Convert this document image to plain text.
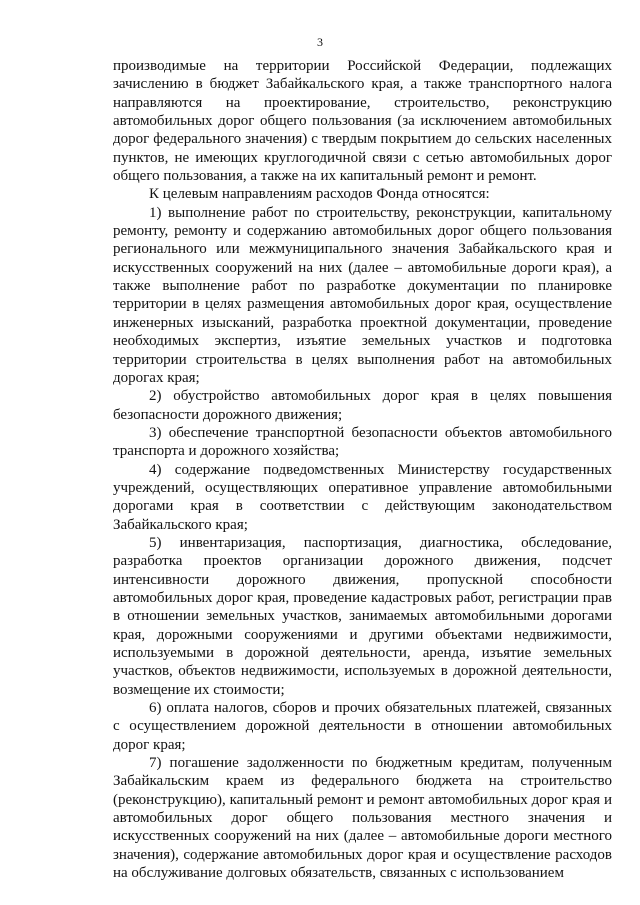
3

производимые на территории Российской Федерации, подлежащих зачислению в бюджет Забайкальского края, а также транспортного налога направляются на проектирование, строительство, реконструкцию автомобильных дорог общего пользования (за исключением автомобильных дорог федерального значения) с твердым покрытием до сельских населенных пунктов, не имеющих круглогодичной связи с сетью автомобильных дорог общего пользования, а также на их капитальный ремонт и ремонт.

К целевым направлениям расходов Фонда относятся:

1) выполнение работ по строительству, реконструкции, капитальному ремонту, ремонту и содержанию автомобильных дорог общего пользования регионального или межмуниципального значения Забайкальского края и искусственных сооружений на них (далее – автомобильные дороги края), а также выполнение работ по разработке документации по планировке территории в целях размещения автомобильных дорог края, осуществление инженерных изысканий, разработка проектной документации, проведение необходимых экспертиз, изъятие земельных участков и подготовка территории строительства в целях выполнения работ на автомобильных дорогах края;

2) обустройство автомобильных дорог края в целях повышения безопасности дорожного движения;

3) обеспечение транспортной безопасности объектов автомобильного транспорта и дорожного хозяйства;

4) содержание подведомственных Министерству государственных учреждений, осуществляющих оперативное управление автомобильными дорогами края в соответствии с действующим законодательством Забайкальского края;

5) инвентаризация, паспортизация, диагностика, обследование, разработка проектов организации дорожного движения, подсчет интенсивности дорожного движения, пропускной способности автомобильных дорог края, проведение кадастровых работ, регистрации прав в отношении земельных участков, занимаемых автомобильными дорогами края, дорожными сооружениями и другими объектами недвижимости, используемыми в дорожной деятельности, аренда, изъятие земельных участков, объектов недвижимости, используемых в дорожной деятельности, возмещение их стоимости;

6) оплата налогов, сборов и прочих обязательных платежей, связанных с осуществлением дорожной деятельности в отношении автомобильных дорог края;

7) погашение задолженности по бюджетным кредитам, полученным Забайкальским краем из федерального бюджета на строительство (реконструкцию), капитальный ремонт и ремонт автомобильных дорог края и автомобильных дорог общего пользования местного значения и искусственных сооружений на них (далее – автомобильные дороги местного значения), содержание автомобильных дорог края и осуществление расходов на обслуживание долговых обязательств, связанных с использованием
